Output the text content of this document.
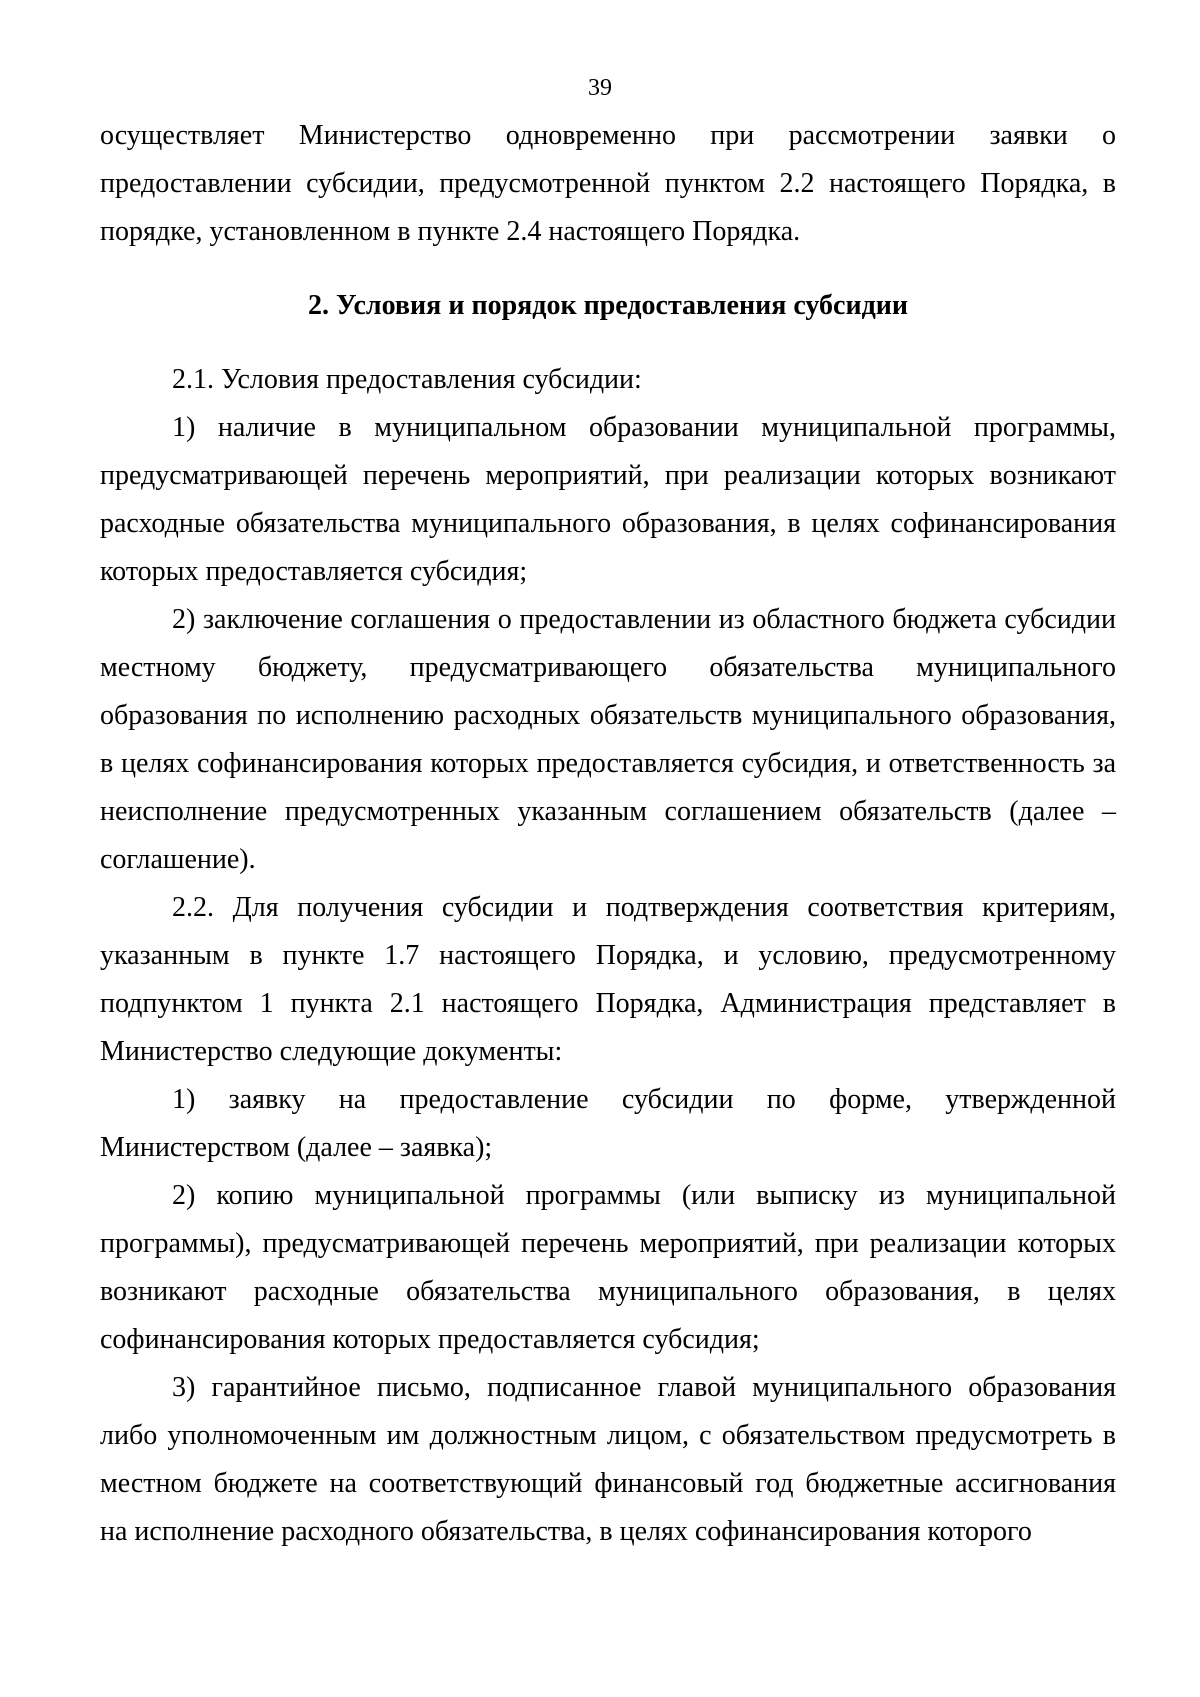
39

осуществляет Министерство одновременно при рассмотрении заявки о предоставлении субсидии, предусмотренной пунктом 2.2 настоящего Порядка, в порядке, установленном в пункте 2.4 настоящего Порядка.

2. Условия и порядок предоставления субсидии

2.1. Условия предоставления субсидии:

1) наличие в муниципальном образовании муниципальной программы, предусматривающей перечень мероприятий, при реализации которых возникают расходные обязательства муниципального образования, в целях софинансирования которых предоставляется субсидия;

2) заключение соглашения о предоставлении из областного бюджета субсидии местному бюджету, предусматривающего обязательства муниципального образования по исполнению расходных обязательств муниципального образования, в целях софинансирования которых предоставляется субсидия, и ответственность за неисполнение предусмотренных указанным соглашением обязательств (далее – соглашение).

2.2. Для получения субсидии и подтверждения соответствия критериям, указанным в пункте 1.7 настоящего Порядка, и условию, предусмотренному подпунктом 1 пункта 2.1 настоящего Порядка, Администрация представляет в Министерство следующие документы:

1) заявку на предоставление субсидии по форме, утвержденной Министерством (далее – заявка);

2) копию муниципальной программы (или выписку из муниципальной программы), предусматривающей перечень мероприятий, при реализации которых возникают расходные обязательства муниципального образования, в целях софинансирования которых предоставляется субсидия;

3) гарантийное письмо, подписанное главой муниципального образования либо уполномоченным им должностным лицом, с обязательством предусмотреть в местном бюджете на соответствующий финансовый год бюджетные ассигнования на исполнение расходного обязательства, в целях софинансирования которого
